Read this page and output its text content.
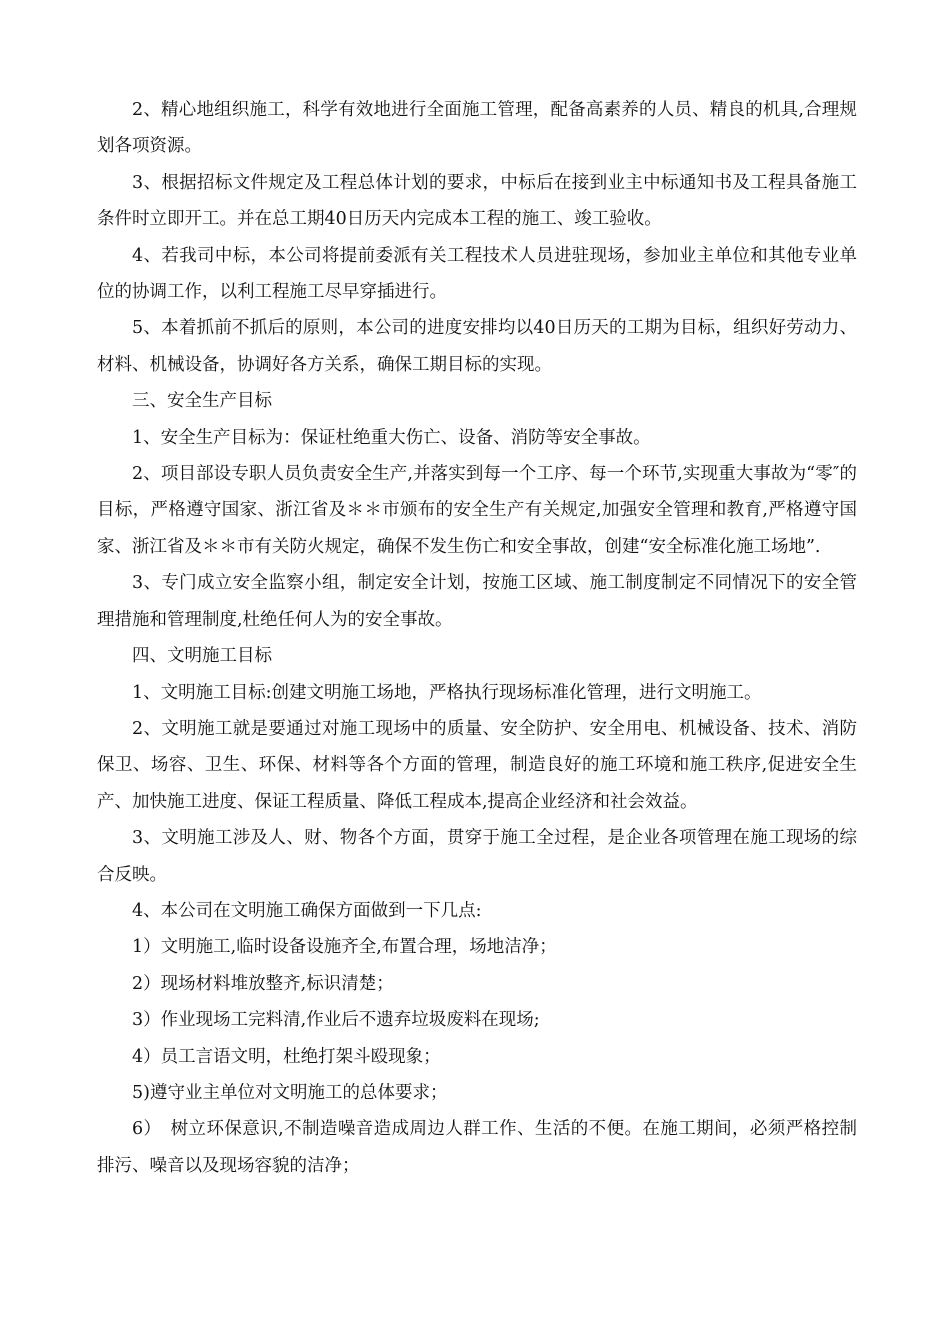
2、精心地组织施工，科学有效地进行全面施工管理，配备高素养的人员、精良的机具,合理规划各项资源。

3、根据招标文件规定及工程总体计划的要求，中标后在接到业主中标通知书及工程具备施工条件时立即开工。并在总工期40日历天内完成本工程的施工、竣工验收。

4、若我司中标，本公司将提前委派有关工程技术人员进驻现场，参加业主单位和其他专业单位的协调工作，以利工程施工尽早穿插进行。

5、本着抓前不抓后的原则，本公司的进度安排均以40日历天的工期为目标，组织好劳动力、材料、机械设备，协调好各方关系，确保工期目标的实现。

三、安全生产目标

1、安全生产目标为：保证杜绝重大伤亡、设备、消防等安全事故。

2、项目部设专职人员负责安全生产,并落实到每一个工序、每一个环节,实现重大事故为“零″的目标，严格遵守国家、浙江省及＊＊市颁布的安全生产有关规定,加强安全管理和教育,严格遵守国家、浙江省及＊＊市有关防火规定，确保不发生伤亡和安全事故，创建“安全标准化施工场地”.

3、专门成立安全监察小组，制定安全计划，按施工区域、施工制度制定不同情况下的安全管理措施和管理制度,杜绝任何人为的安全事故。

四、文明施工目标

1、文明施工目标:创建文明施工场地，严格执行现场标准化管理，进行文明施工。

2、文明施工就是要通过对施工现场中的质量、安全防护、安全用电、机械设备、技术、消防保卫、场容、卫生、环保、材料等各个方面的管理，制造良好的施工环境和施工秩序,促进安全生产、加快施工进度、保证工程质量、降低工程成本,提高企业经济和社会效益。

3、文明施工涉及人、财、物各个方面，贯穿于施工全过程，是企业各项管理在施工现场的综合反映。

4、本公司在文明施工确保方面做到一下几点:

1）文明施工,临时设备设施齐全,布置合理，场地洁净；

2）现场材料堆放整齐,标识清楚；

3）作业现场工完料清,作业后不遗弃垃圾废料在现场;

4）员工言语文明，杜绝打架斗殴现象；

5)遵守业主单位对文明施工的总体要求；

6）　树立环保意识,不制造噪音造成周边人群工作、生活的不便。在施工期间，必须严格控制排污、噪音以及现场容貌的洁净；
